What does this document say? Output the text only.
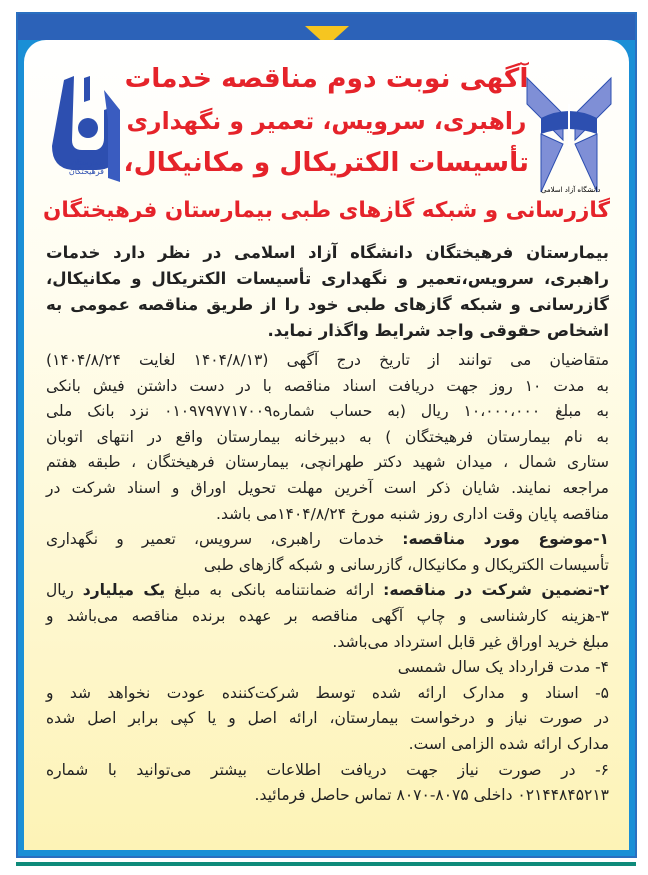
بیمارستان
فرهیختگان
دانشگاه آزاد اسلامی
آگهی نوبت دوم مناقصه خدمات
راهبری، سرویس، تعمیر و نگهداری
تأسیسات الکتریکال و مکانیکال،
گازرسانی و شبکه گازهای طبی بیمارستان فرهیختگان
بیمارستان فرهیختگان دانشگاه آزاد اسلامی در نظر دارد خدمات
راهبری، سرویس،تعمیر و نگهداری تأسیسات الکتریکال و مکانیکال،
گازرسانی و شبکه گازهای طبی خود را از طریق مناقصه عمومی به
اشخاص حقوقی واجد شرایط واگذار نماید.
متقاضیان می توانند از تاریخ درج آگهی (۱۴۰۴/۸/۱۳ لغایت ۱۴۰۴/۸/۲۴)
به مدت ۱۰ روز جهت دریافت اسناد مناقصه با در دست داشتن فیش بانکی
به مبلغ ۱۰،۰۰۰،۰۰۰ ریال (به حساب شماره۰۱۰۹۷۹۷۷۱۷۰۰۹ نزد بانک ملی
به نام بیمارستان فرهیختگان ) به دبیرخانه بیمارستان واقع در انتهای اتوبان
ستاری شمال ، میدان شهید دکتر طهرانچی، بیمارستان فرهیختگان ، طبقه هفتم
مراجعه نمایند. شایان ذکر است آخرین مهلت تحویل اوراق و اسناد شرکت در
مناقصه پایان وقت اداری روز شنبه مورخ ۱۴۰۴/۸/۲۴می باشد.
۱-موضوع مورد مناقصه: خدمات راهبری، سرویس، تعمیر و نگهداری
تأسیسات الکتریکال و مکانیکال، گازرسانی و شبکه گازهای طبی
۲-تضمین شرکت در مناقصه: ارائه ضمانتنامه بانکی به مبلغ یک میلیارد ریال
۳-هزینه کارشناسی و چاپ آگهی مناقصه بر عهده برنده مناقصه می‌باشد و
مبلغ خرید اوراق غیر قابل استرداد می‌باشد.
۴- مدت قرارداد یک سال شمسی
۵- اسناد و مدارک ارائه شده توسط شرکت‌کننده عودت نخواهد شد و
در صورت نیاز و درخواست بیمارستان، ارائه اصل و یا کپی برابر اصل شده
مدارک ارائه شده الزامی است.
۶- در صورت نیاز جهت دریافت اطلاعات بیشتر می‌توانید با شماره
۰۲۱۴۴۸۴۵۲۱۳ داخلی ۸۰۷۵-۸۰۷۰ تماس حاصل فرمائید.
